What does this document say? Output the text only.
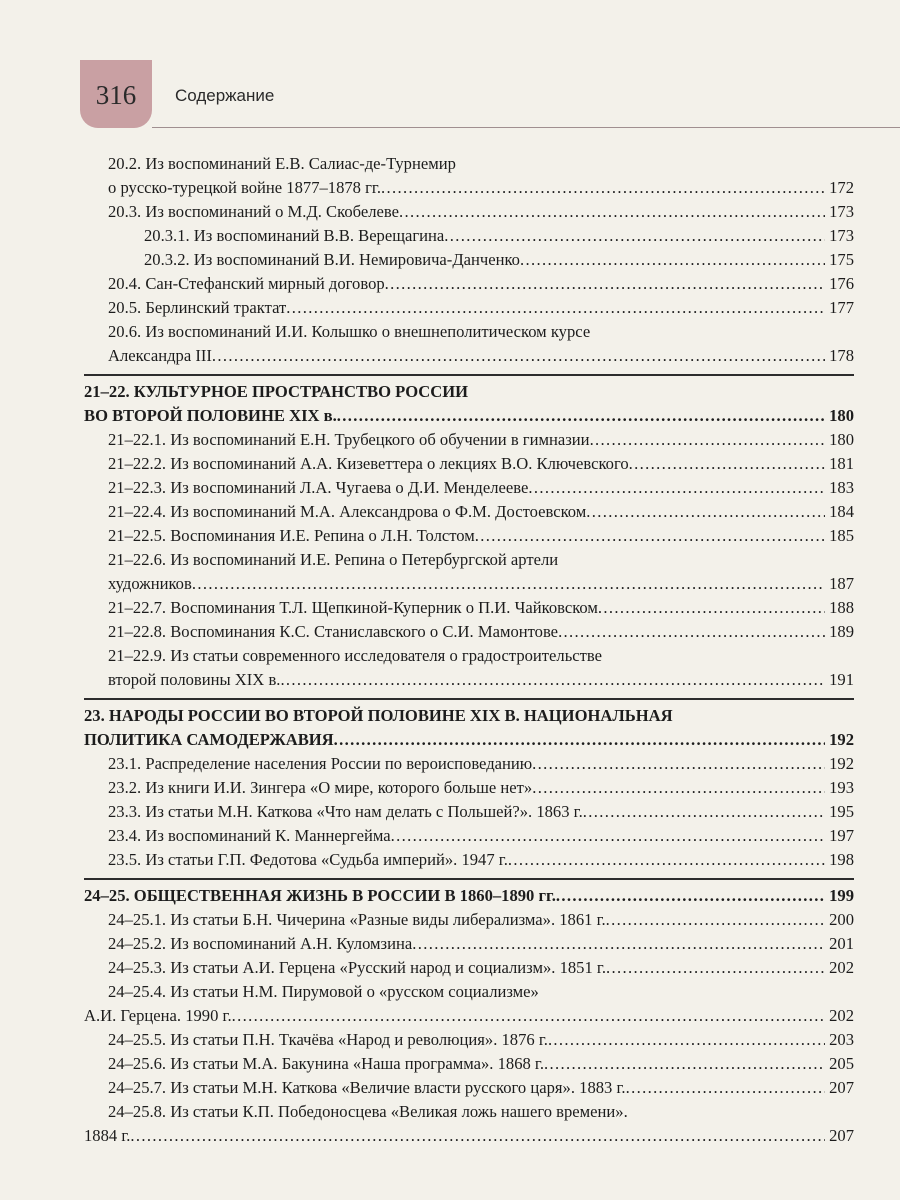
316	Содержание
20.2. Из воспоминаний Е.В. Салиас-де-Турнемир
о русско-турецкой войне 1877–1878 гг. . . .	172
20.3. Из воспоминаний о М.Д. Скобелеве . . .	173
20.3.1. Из воспоминаний В.В. Верещагина . . .	173
20.3.2. Из воспоминаний В.И. Немировича-Данченко . . .	175
20.4. Сан-Стефанский мирный договор . . .	176
20.5. Берлинский трактат . . .	177
20.6. Из воспоминаний И.И. Колышко о внешнеполитическом курсе
Александра III . . .	178
21–22. КУЛЬТУРНОЕ ПРОСТРАНСТВО РОССИИ
ВО ВТОРОЙ ПОЛОВИНЕ XIX в. . . .	180
21–22.1. Из воспоминаний Е.Н. Трубецкого об обучении в гимназии . . .	180
21–22.2. Из воспоминаний А.А. Кизеветтера о лекциях В.О. Ключевского . . .	181
21–22.3. Из воспоминаний Л.А. Чугаева о Д.И. Менделееве . . .	183
21–22.4. Из воспоминаний М.А. Александрова о Ф.М. Достоевском . . .	184
21–22.5. Воспоминания И.Е. Репина о Л.Н. Толстом . . .	185
21–22.6. Из воспоминаний И.Е. Репина о Петербургской артели
художников . . .	187
21–22.7. Воспоминания Т.Л. Щепкиной-Куперник о П.И. Чайковском . . .	188
21–22.8. Воспоминания К.С. Станиславского о С.И. Мамонтове . . .	189
21–22.9. Из статьи современного исследователя о градостроительстве
второй половины XIX в. . . .	191
23. НАРОДЫ РОССИИ ВО ВТОРОЙ ПОЛОВИНЕ XIX В. НАЦИОНАЛЬНАЯ
ПОЛИТИКА САМОДЕРЖАВИЯ . . .	192
23.1. Распределение населения России по вероисповеданию . . .	192
23.2. Из книги И.И. Зингера «О мире, которого больше нет» . . .	193
23.3. Из статьи М.Н. Каткова «Что нам делать с Польшей?». 1863 г. . . .	195
23.4. Из воспоминаний К. Маннергейма . . .	197
23.5. Из статьи Г.П. Федотова «Судьба империй». 1947 г. . . .	198
24–25. ОБЩЕСТВЕННАЯ ЖИЗНЬ В РОССИИ В 1860–1890 гг. . . .	199
24–25.1. Из статьи Б.Н. Чичерина «Разные виды либерализма». 1861 г. . . .	200
24–25.2. Из воспоминаний А.Н. Куломзина . . .	201
24–25.3. Из статьи А.И. Герцена «Русский народ и социализм». 1851 г. . . .	202
24–25.4. Из статьи Н.М. Пирумовой о «русском социализме»
А.И. Герцена. 1990 г. . . .	202
24–25.5. Из статьи П.Н. Ткачёва «Народ и революция». 1876 г. . . .	203
24–25.6. Из статьи М.А. Бакунина «Наша программа». 1868 г. . . .	205
24–25.7. Из статьи М.Н. Каткова «Величие власти русского царя». 1883 г. . . .	207
24–25.8. Из статьи К.П. Победоносцева «Великая ложь нашего времени».
1884 г. . . .	207
